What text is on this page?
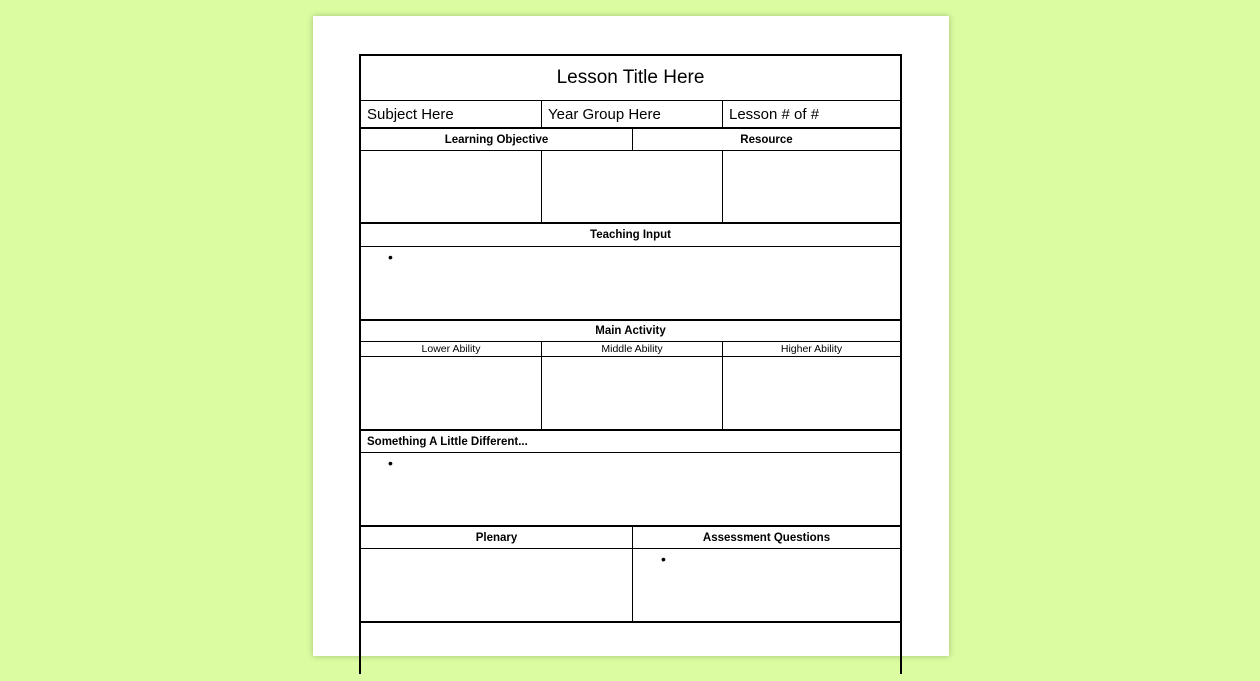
Lesson Title Here
Subject Here	Year Group Here	Lesson # of #
Learning Objective	Resource
Teaching Input
•
Main Activity
Lower Ability	Middle Ability	Higher Ability
Something A Little Different...
•
Plenary	Assessment Questions
•
